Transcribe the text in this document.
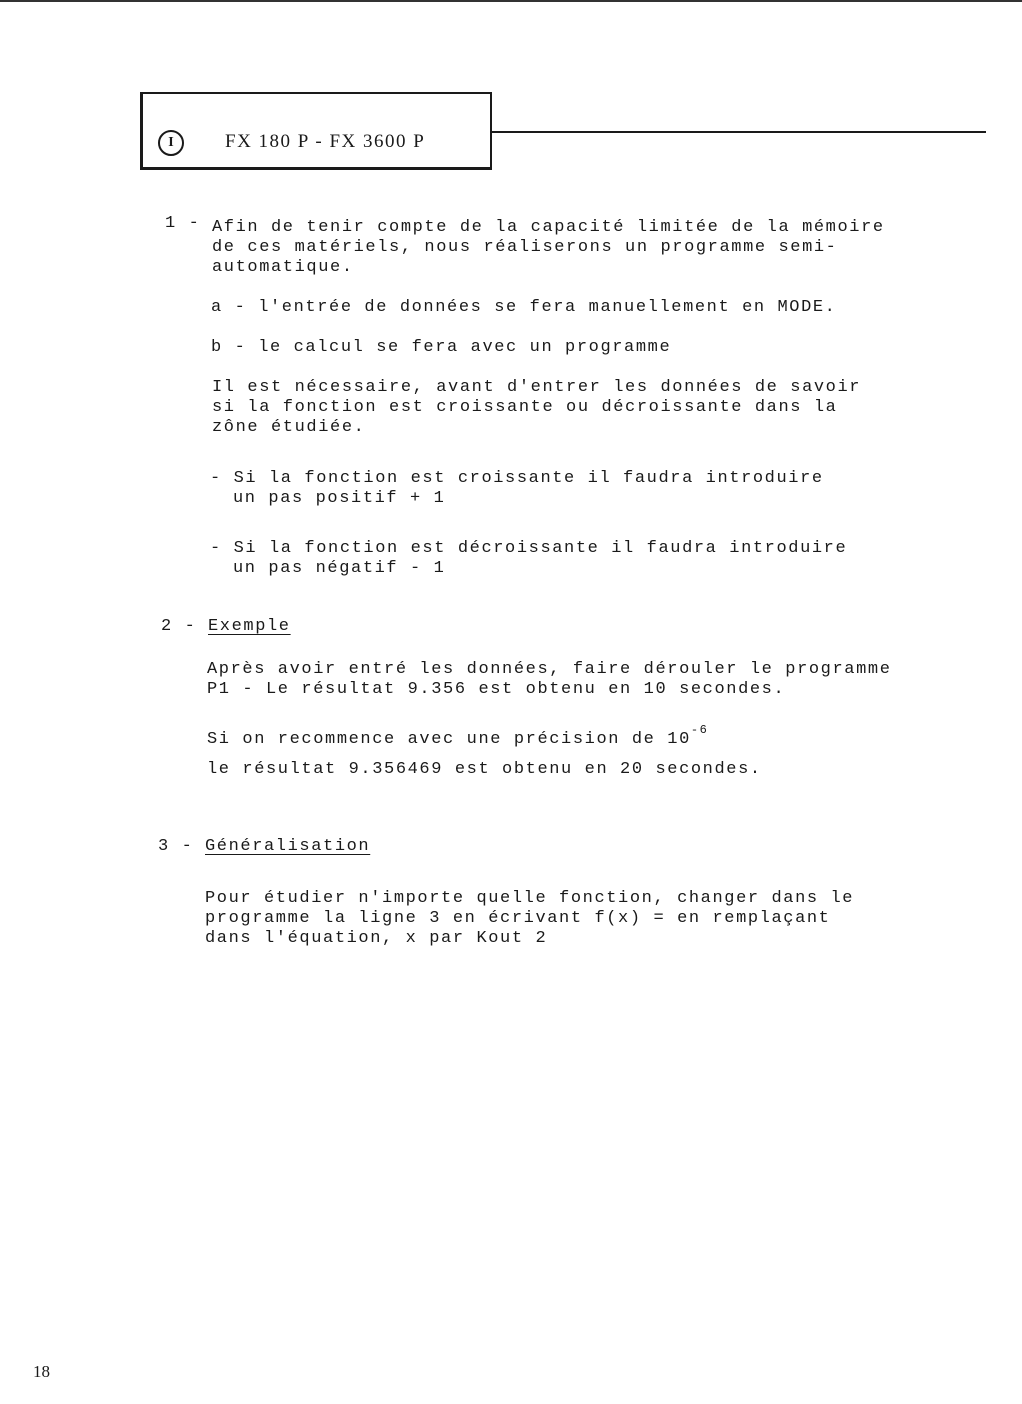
I	FX 180 P - FX 3600 P
1 - Afin de tenir compte de la capacité limitée de la mémoire
de ces matériels, nous réaliserons un programme semi-
automatique.
a - l'entrée de données se fera manuellement en MODE.
b - le calcul se fera avec un programme
Il est nécessaire, avant d'entrer les données de savoir
si la fonction est croissante ou décroissante dans la
zône étudiée.
- Si la fonction est croissante il faudra introduire
un pas positif + 1
- Si la fonction est décroissante il faudra introduire
un pas négatif - 1
2 - Exemple
Après avoir entré les données, faire dérouler le programme
P1 - Le résultat 9.356 est obtenu en 10 secondes.
Si on recommence avec une précision de $10^{-6}$
le résultat 9.356469 est obtenu en 20 secondes.
3 - Généralisation
Pour étudier n'importe quelle fonction, changer dans le
programme la ligne 3 en écrivant f(x) = en remplaçant
dans l'équation, x par Kout 2
18
